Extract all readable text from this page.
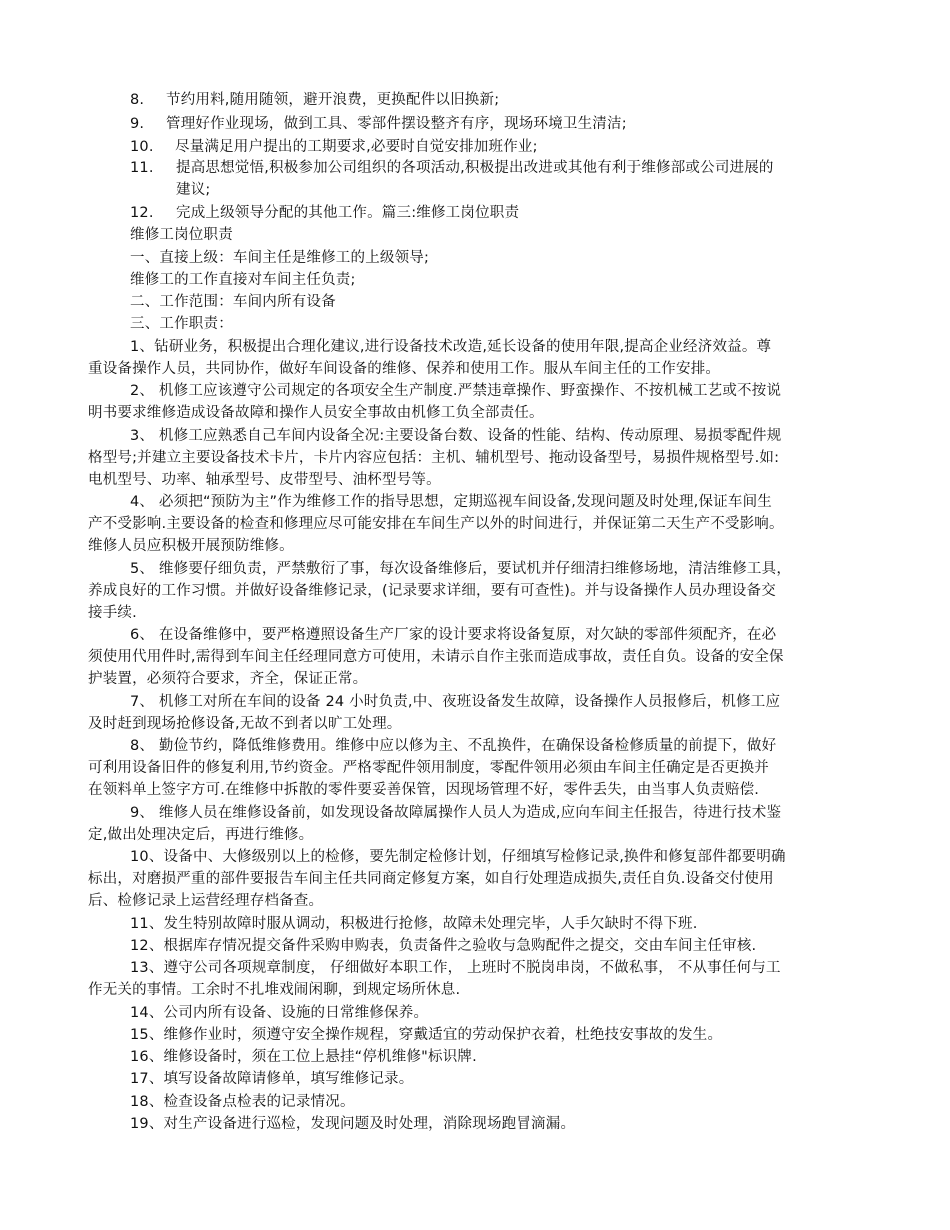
8. 节约用料,随用随领，避开浪费，更换配件以旧换新;
9. 管理好作业现场，做到工具、零部件摆设整齐有序，现场环境卫生清洁;
10. 尽量满足用户提出的工期要求,必要时自觉安排加班作业;
11. 提高思想觉悟,积极参加公司组织的各项活动,积极提出改进或其他有利于维修部或公司进展的
建议;
12. 完成上级领导分配的其他工作。篇三:维修工岗位职责
维修工岗位职责
一、直接上级：车间主任是维修工的上级领导;
维修工的工作直接对车间主任负责;
二、工作范围：车间内所有设备
三、工作职责：
1、钻研业务，积极提出合理化建议,进行设备技术改造,延长设备的使用年限,提高企业经济效益。尊
重设备操作人员，共同协作，做好车间设备的维修、保养和使用工作。服从车间主任的工作安排。
2、 机修工应该遵守公司规定的各项安全生产制度.严禁违章操作、野蛮操作、不按机械工艺或不按说
明书要求维修造成设备故障和操作人员安全事故由机修工负全部责任。
3、 机修工应熟悉自己车间内设备全况:主要设备台数、设备的性能、结构、传动原理、易损零配件规
格型号;并建立主要设备技术卡片，卡片内容应包括：主机、辅机型号、拖动设备型号，易损件规格型号.如:
电机型号、功率、轴承型号、皮带型号、油杯型号等。
4、 必须把“预防为主”作为维修工作的指导思想，定期巡视车间设备,发现问题及时处理,保证车间生
产不受影响.主要设备的检查和修理应尽可能安排在车间生产以外的时间进行，并保证第二天生产不受影响。
维修人员应积极开展预防维修。
5、 维修要仔细负责，严禁敷衍了事，每次设备维修后，要试机并仔细清扫维修场地，清洁维修工具，
养成良好的工作习惯。并做好设备维修记录，(记录要求详细，要有可查性)。并与设备操作人员办理设备交
接手续.
6、 在设备维修中，要严格遵照设备生产厂家的设计要求将设备复原，对欠缺的零部件须配齐，在必
须使用代用件时,需得到车间主任经理同意方可使用，未请示自作主张而造成事故，责任自负。设备的安全保
护装置，必须符合要求，齐全，保证正常。
7、 机修工对所在车间的设备 24 小时负责,中、夜班设备发生故障，设备操作人员报修后，机修工应
及时赶到现场抢修设备,无故不到者以旷工处理。
8、 勤俭节约，降低维修费用。维修中应以修为主、不乱换件，在确保设备检修质量的前提下，做好
可利用设备旧件的修复利用,节约资金。严格零配件领用制度，零配件领用必须由车间主任确定是否更换并
在领料单上签字方可.在维修中拆散的零件要妥善保管，因现场管理不好，零件丢失，由当事人负责赔偿.
9、 维修人员在维修设备前，如发现设备故障属操作人员人为造成,应向车间主任报告，待进行技术鉴
定,做出处理决定后，再进行维修。
10、设备中、大修级别以上的检修，要先制定检修计划，仔细填写检修记录,换件和修复部件都要明确
标出，对磨损严重的部件要报告车间主任共同商定修复方案，如自行处理造成损失,责任自负.设备交付使用
后、检修记录上运营经理存档备查。
11、发生特别故障时服从调动，积极进行抢修，故障未处理完毕，人手欠缺时不得下班.
12、根据库存情况提交备件采购申购表，负责备件之验收与急购配件之提交，交由车间主任审核.
13、遵守公司各项规章制度， 仔细做好本职工作， 上班时不脱岗串岗，不做私事， 不从事任何与工
作无关的事情。工余时不扎堆戏闹闲聊，到规定场所休息.
14、公司内所有设备、设施的日常维修保养。
15、维修作业时，须遵守安全操作规程，穿戴适宜的劳动保护衣着，杜绝技安事故的发生。
16、维修设备时，须在工位上悬挂“停机维修"标识牌.
17、填写设备故障请修单，填写维修记录。
18、检查设备点检表的记录情况。
19、对生产设备进行巡检，发现问题及时处理，消除现场跑冒滴漏。
